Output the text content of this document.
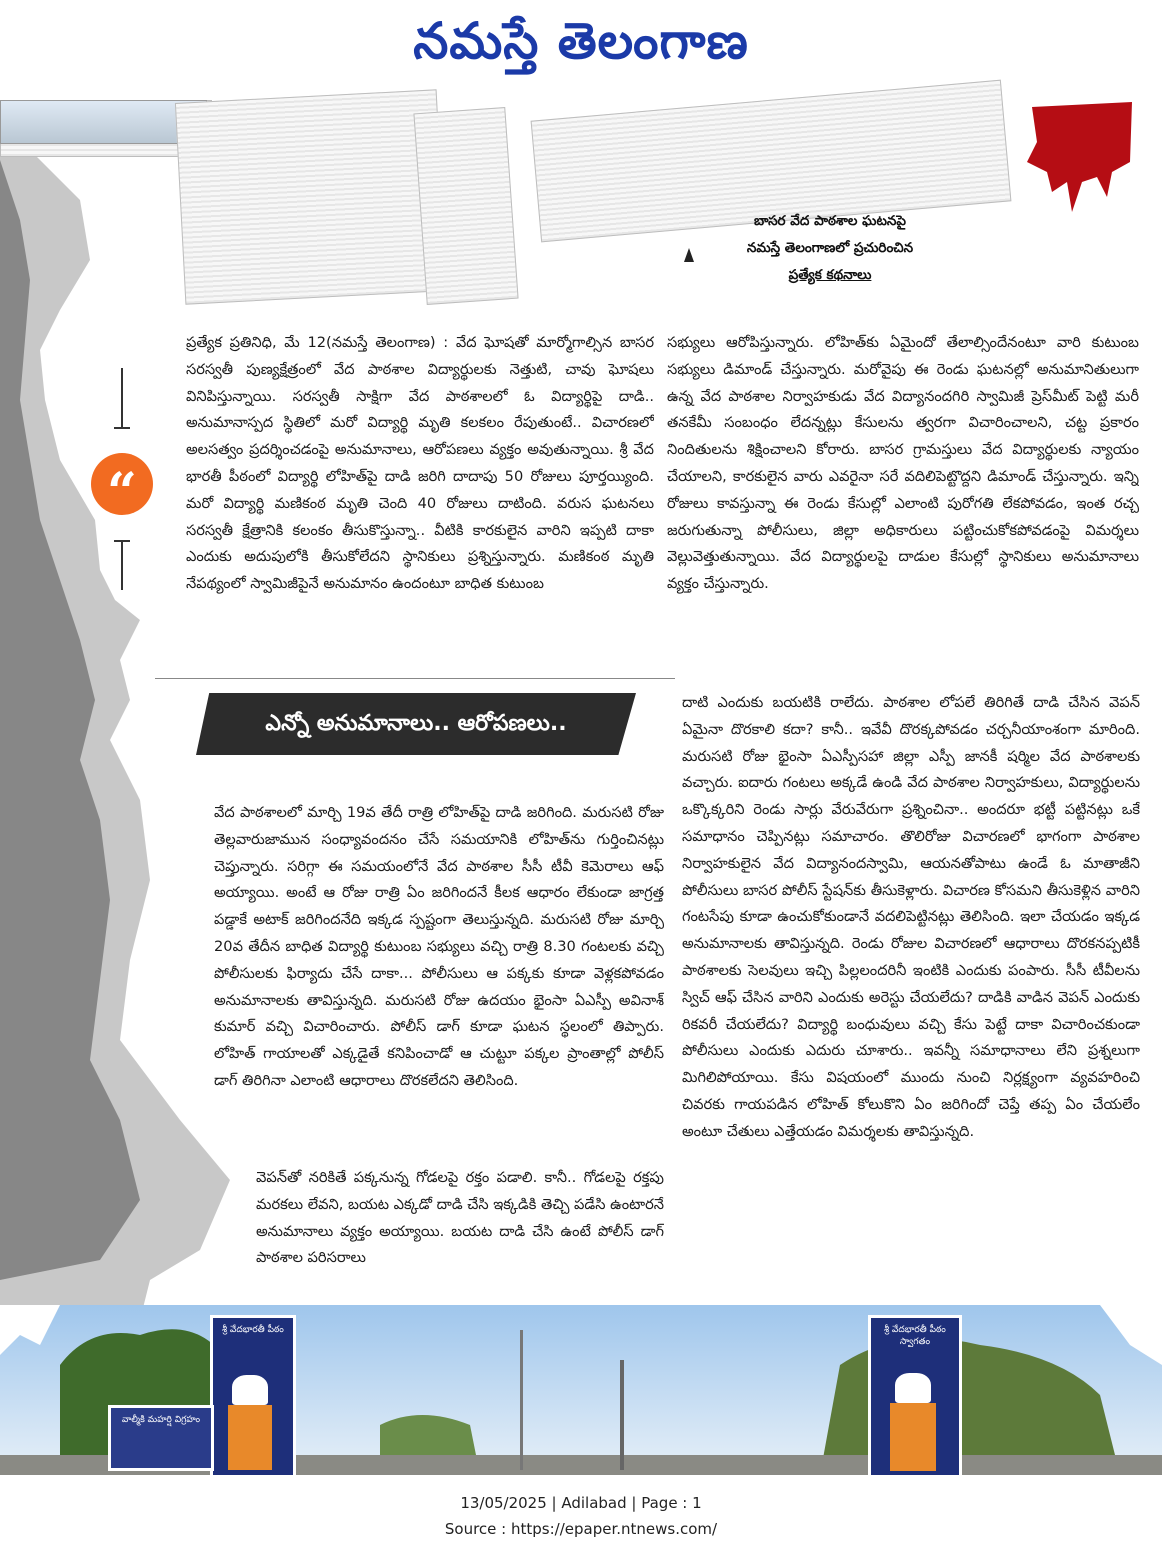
నమస్తే తెలంగాణ
బాసర వేద పాఠశాల ఘటనపై
నమస్తే తెలంగాణలో ప్రచురించిన
ప్రత్యేక కథనాలు
“

ప్రత్యేక ప్రతినిధి, మే 12(నమస్తే తెలంగాణ) : వేద ఘోషతో మార్మోగాల్సిన బాసర సరస్వతీ పుణ్యక్షేత్రంలో వేద పాఠశాల విద్యార్థులకు నెత్తుటి, చావు ఘోషలు వినిపిస్తున్నాయి. సరస్వతీ సాక్షిగా వేద పాఠశాలలో ఓ విద్యార్థిపై దాడి.. అనుమానాస్పద స్థితిలో మరో విద్యార్థి మృతి కలకలం రేపుతుంటే.. విచారణలో అలసత్వం ప్రదర్శించడంపై అనుమానాలు, ఆరోపణలు వ్యక్తం అవుతున్నాయి. శ్రీ వేద భారతీ పీఠంలో విద్యార్థి లోహిత్‌పై దాడి జరిగి దాదాపు 50 రోజులు పూర్తయ్యింది. మరో విద్యార్థి మణికంఠ మృతి చెంది 40 రోజులు దాటింది. వరుస ఘటనలు సరస్వతీ క్షేత్రానికి కలంకం తీసుకొస్తున్నా.. వీటికి కారకులైన వారిని ఇప్పటి దాకా ఎందుకు అదుపులోకి తీసుకోలేదని స్థానికులు ప్రశ్నిస్తున్నారు. మణికంఠ మృతి నేపథ్యంలో స్వామిజీపైనే అనుమానం ఉందంటూ బాధిత కుటుంబ

సభ్యులు ఆరోపిస్తున్నారు. లోహిత్‌కు ఏమైందో తేలాల్సిందేనంటూ వారి కుటుంబ సభ్యులు డిమాండ్ చేస్తున్నారు. మరోవైపు ఈ రెండు ఘటనల్లో అనుమానితులుగా ఉన్న వేద పాఠశాల నిర్వాహకుడు వేద విద్యానందగిరి స్వామిజీ ప్రెస్‌మీట్ పెట్టి మరీ తనకేమీ సంబంధం లేదన్నట్లు కేసులను త్వరగా విచారించాలని, చట్ట ప్రకారం నిందితులను శిక్షించాలని కోరారు. బాసర గ్రామస్తులు వేద విద్యార్థులకు న్యాయం చేయాలని, కారకులైన వారు ఎవరైనా సరే వదిలిపెట్టొద్దని డిమాండ్ చేస్తున్నారు. ఇన్ని రోజులు కావస్తున్నా ఈ రెండు కేసుల్లో ఎలాంటి పురోగతి లేకపోవడం, ఇంత రచ్చ జరుగుతున్నా పోలీసులు, జిల్లా అధికారులు పట్టించుకోకపోవడంపై విమర్శలు వెల్లువెత్తుతున్నాయి. వేద విద్యార్థులపై దాడుల కేసుల్లో స్థానికులు అనుమానాలు వ్యక్తం చేస్తున్నారు.

ఎన్నో అనుమానాలు.. ఆరోపణలు..

వేద పాఠశాలలో మార్చి 19వ తేదీ రాత్రి లోహిత్‌పై దాడి జరిగింది. మరుసటి రోజు తెల్లవారుజామున సంధ్యావందనం చేసే సమయానికి లోహిత్‌ను గుర్తించినట్లు చెప్తున్నారు. సరిగ్గా ఈ సమయంలోనే వేద పాఠశాల సీసీ టీవీ కెమెరాలు ఆఫ్ అయ్యాయి. అంటే ఆ రోజు రాత్రి ఏం జరిగిందనే కీలక ఆధారం లేకుండా జాగ్రత్త పడ్డాకే అటాక్ జరిగిందనేది ఇక్కడ స్పష్టంగా తెలుస్తున్నది. మరుసటి రోజు మార్చి 20వ తేదీన బాధిత విద్యార్థి కుటుంబ సభ్యులు వచ్చి రాత్రి 8.30 గంటలకు వచ్చి పోలీసులకు ఫిర్యాదు చేసే దాకా... పోలీసులు ఆ పక్కకు కూడా వెళ్లకపోవడం అనుమానాలకు తావిస్తున్నది. మరుసటి రోజు ఉదయం భైంసా ఏఎస్పీ అవినాశ్ కుమార్ వచ్చి విచారించారు. పోలీస్ డాగ్ కూడా ఘటన స్థలంలో తిప్పారు. లోహిత్ గాయాలతో ఎక్కడైతే కనిపించాడో ఆ చుట్టూ పక్కల ప్రాంతాల్లో పోలీస్ డాగ్ తిరిగినా ఎలాంటి ఆధారాలు దొరకలేదని తెలిసింది.

వెపన్‌తో నరికితే పక్కనున్న గోడలపై రక్తం పడాలి. కానీ.. గోడలపై రక్తపు మరకలు లేవని, బయట ఎక్కడో దాడి చేసి ఇక్కడికి తెచ్చి పడేసి ఉంటారనే అనుమానాలు వ్యక్తం అయ్యాయి. బయట దాడి చేసి ఉంటే పోలీస్ డాగ్ పాఠశాల పరిసరాలు

దాటి ఎందుకు బయటికి రాలేదు. పాఠశాల లోపలే తిరిగితే దాడి చేసిన వెపన్ ఏమైనా దొరకాలి కదా? కానీ.. ఇవేవీ దొరక్కపోవడం చర్చనీయాంశంగా మారింది. మరుసటి రోజు భైంసా ఏఎస్పీసహా జిల్లా ఎస్పీ జానకీ షర్మిల వేద పాఠశాలకు వచ్చారు. ఐదారు గంటలు అక్కడే ఉండి వేద పాఠశాల నిర్వాహకులు, విద్యార్థులను ఒక్కొక్కరిని రెండు సార్లు వేరువేరుగా ప్రశ్నించినా.. అందరూ భట్టీ పట్టినట్లు ఒకే సమాధానం చెప్పినట్లు సమాచారం. తొలిరోజు విచారణలో భాగంగా పాఠశాల నిర్వాహకులైన వేద విద్యానందస్వామి, ఆయనతోపాటు ఉండే ఓ మాతాజీని పోలీసులు బాసర పోలీస్ స్టేషన్‌కు తీసుకెళ్లారు. విచారణ కోసమని తీసుకెళ్లిన వారిని గంటసేపు కూడా ఉంచుకోకుండానే వదలిపెట్టినట్లు తెలిసింది. ఇలా చేయడం ఇక్కడ అనుమానాలకు తావిస్తున్నది. రెండు రోజుల విచారణలో ఆధారాలు దొరకనప్పటికీ పాఠశాలకు సెలవులు ఇచ్చి పిల్లలందరినీ ఇంటికి ఎందుకు పంపారు. సీసీ టీవీలను స్విచ్ ఆఫ్ చేసిన వారిని ఎందుకు అరెస్టు చేయలేదు? దాడికి వాడిన వెపన్ ఎందుకు రికవరీ చేయలేదు? విద్యార్థి బంధువులు వచ్చి కేసు పెట్టే దాకా విచారించకుండా పోలీసులు ఎందుకు ఎదురు చూశారు.. ఇవన్నీ సమాధానాలు లేని ప్రశ్నలుగా మిగిలిపోయాయి. కేసు విషయంలో ముందు నుంచి నిర్లక్ష్యంగా వ్యవహరించి చివరకు గాయపడిన లోహిత్ కోలుకొని ఏం జరిగిందో చెప్తే తప్ప ఏం చేయలేం అంటూ చేతులు ఎత్తేయడం విమర్శలకు తావిస్తున్నది.

శ్రీ వేదభారతీ పీఠం	శ్రీ వేదభారతీ పీఠం స్వాగతం
వాల్మీకి మహర్షి విగ్రహం
13/05/2025 | Adilabad | Page : 1
Source : https://epaper.ntnews.com/
